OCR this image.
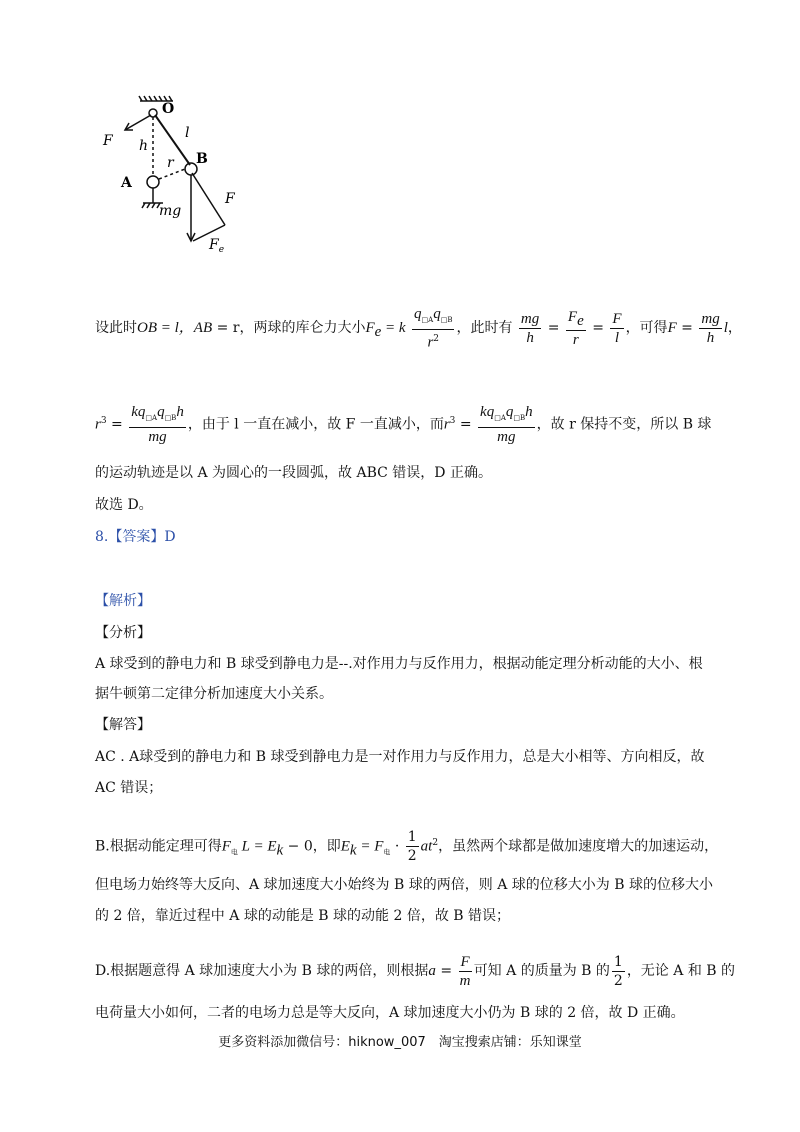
O
B
A
F h
l
r
mg
F
$F_e$
设此时OB = l，AB = r，两球的库仑力大小$F_e = k \frac{q_{□A}q_{□B}}{r^2}$ ，此时有 $\frac{mg}{h} = \frac{F_e}{r} = \frac{F}{l}$ ，可得$F = \frac{mg}{h}$ l，
$r^3 = \frac{kq_{□A}q_{□B}h}{mg}$ ，由于 l 一直在减小，故 F 一直减小，而$r^3 = \frac{kq_{□A}q_{□B}h}{mg}$ ，故 r 保持不变，所以 B 球
的运动轨迹是以 A 为圆心的一段圆弧，故 ABC 错误，D 正确。
故选 D。
8.【答案】D
【解析】
【分析】
A 球受到的静电力和 B 球受到静电力是--.对作用力与反作用力，根据动能定理分析动能的大小、根
据牛顿第二定律分析加速度大小关系。
【解答】
AC . A球受到的静电力和 B 球受到静电力是一对作用力与反作用力，总是大小相等、方向相反，故
AC 错误；
B.根据动能定理可得$F_电$ $L = E_k - 0$，即$E_k = F_电 \cdot \frac{1}{2} at^2$，虽然两个球都是做加速度增大的加速运动，
但电场力始终等大反向、A 球加速度大小始终为 B 球的两倍，则 A 球的位移大小为 B 球的位移大小
的 2 倍，靠近过程中 A 球的动能是 B 球的动能 2 倍，故 B 错误；
D.根据题意得 A 球加速度大小为 B 球的两倍，则根据$a = \frac{F}{m}$ 可知 A 的质量为 B 的 $\frac{1}{2}$ ，无论 A 和 B 的
电荷量大小如何，二者的电场力总是等大反向，A 球加速度大小仍为 B 球的 2 倍，故 D 正确。
更多资料添加微信号：hiknow_007　淘宝搜索店铺：乐知课堂
